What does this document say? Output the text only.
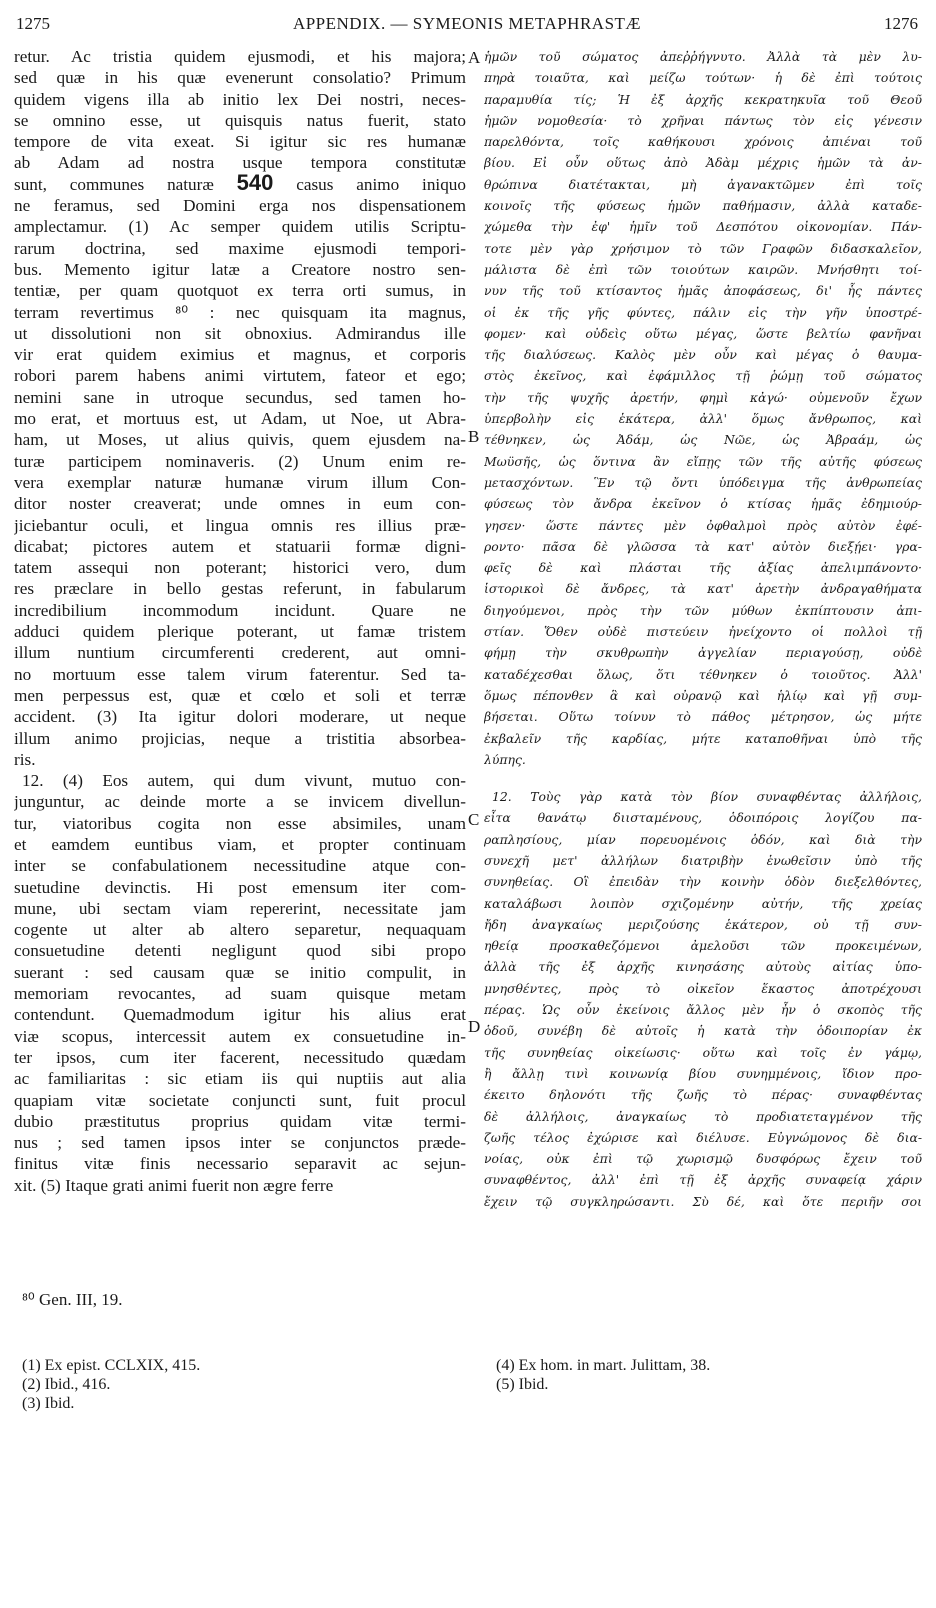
1275	APPENDIX. — SYMEONIS METAPHRASTÆ	1276
retur. Ac tristia quidem ejusmodi, et his majora;
sed quæ in his quæ evenerunt consolatio? Primum
quidem vigens illa ab initio lex Dei nostri, neces-
se omnino esse, ut quisquis natus fuerit, stato
tempore de vita exeat. Si igitur sic res humanæ
ab Adam ad nostra usque tempora constitutæ
sunt, communes naturæ 540 casus animo iniquo
ne feramus, sed Domini erga nos dispensationem
amplectamur. (1) Ac semper quidem utilis Scriptu-
rarum doctrina, sed maxime ejusmodi tempori-
bus. Memento igitur latæ a Creatore nostro sen-
tentiæ, per quam quotquot ex terra orti sumus, in
terram revertimus ⁸⁰ : nec quisquam ita magnus,
ut dissolutioni non sit obnoxius. Admirandus ille
vir erat quidem eximius et magnus, et corporis
robori parem habens animi virtutem, fateor et ego;
nemini sane in utroque secundus, sed tamen ho-
mo erat, et mortuus est, ut Adam, ut Noe, ut Abra-
ham, ut Moses, ut alius quivis, quem ejusdem na-
turæ participem nominaveris. (2) Unum enim re-
vera exemplar naturæ humanæ virum illum Con-
ditor noster creaverat; unde omnes in eum con-
jiciebantur oculi, et lingua omnis res illius præ-
dicabat; pictores autem et statuarii formæ digni-
tatem assequi non poterant; historici vero, dum
res præclare in bello gestas referunt, in fabularum
incredibilium incommodum incidunt. Quare ne
adduci quidem plerique poterant, ut famæ tristem
illum nuntium circumferenti crederent, aut omni-
no mortuum esse talem virum faterentur. Sed ta-
men perpessus est, quæ et cœlo et soli et terræ
accident. (3) Ita igitur dolori moderare, ut neque
illum animo projicias, neque a tristitia absorbea-
ris.
12. (4) Eos autem, qui dum vivunt, mutuo con-
junguntur, ac deinde morte a se invicem divellun-
tur, viatoribus cogita non esse absimiles, unam
et eamdem euntibus viam, et propter continuam
inter se confabulationem necessitudine atque con-
suetudine devinctis. Hi post emensum iter com-
mune, ubi sectam viam repererint, necessitate jam
cogente ut alter ab altero separetur, nequaquam
consuetudine detenti negligunt quod sibi propo
suerant : sed causam quæ se initio compulit, in
memoriam revocantes, ad suam quisque metam
contendunt. Quemadmodum igitur his alius erat
viæ scopus, intercessit autem ex consuetudine in-
ter ipsos, cum iter facerent, necessitudo quædam
ac familiaritas : sic etiam iis qui nuptiis aut alia
quapiam vitæ societate conjuncti sunt, fuit procul
dubio præstitutus proprius quidam vitæ termi-
nus ; sed tamen ipsos inter se conjunctos præde-
finitus vitæ finis necessario separavit ac sejun-
xit. (5) Itaque grati animi fuerit non ægre ferre
ἡμῶν τοῦ σώματος ἀπεῤῥήγνυτο. Ἀλλὰ τὰ μὲν λυ-
πηρὰ τοιαῦτα, καὶ μείζω τούτων· ἡ δὲ ἐπὶ τούτοις
παραμυθία τίς; Ἡ ἐξ ἀρχῆς κεκρατηκυῖα τοῦ Θεοῦ
ἡμῶν νομοθεσία· τὸ χρῆναι πάντως τὸν εἰς γένεσιν
παρελθόντα, τοῖς καθήκουσι χρόνοις ἀπιέναι τοῦ
βίου. Εἰ οὖν οὕτως ἀπὸ Ἀδὰμ μέχρις ἡμῶν τὰ ἀν-
θρώπινα διατέτακται, μὴ ἀγανακτῶμεν ἐπὶ τοῖς
κοινοῖς τῆς φύσεως ἡμῶν παθήμασιν, ἀλλὰ καταδε-
χώμεθα τὴν ἐφ' ἡμῖν τοῦ Δεσπότου οἰκονομίαν. Πάν-
τοτε μὲν γὰρ χρήσιμον τὸ τῶν Γραφῶν διδασκαλεῖον,
μάλιστα δὲ ἐπὶ τῶν τοιούτων καιρῶν. Μνήσθητι τοί-
νυν τῆς τοῦ κτίσαντος ἡμᾶς ἀποφάσεως, δι' ἧς πάντες
οἱ ἐκ τῆς γῆς φύντες, πάλιν εἰς τὴν γῆν ὑποστρέ-
φομεν· καὶ οὐδεὶς οὕτω μέγας, ὥστε βελτίω φανῆναι
τῆς διαλύσεως. Καλὸς μὲν οὖν καὶ μέγας ὁ θαυμα-
στὸς ἐκεῖνος, καὶ ἐφάμιλλος τῇ ῥώμῃ τοῦ σώματος
τὴν τῆς ψυχῆς ἀρετήν, φημὶ κἀγώ· οὐμενοῦν ἔχων
ὑπερβολὴν εἰς ἑκάτερα, ἀλλ' ὅμως ἄνθρωπος, καὶ
τέθνηκεν, ὡς Ἀδάμ, ὡς Νῶε, ὡς Ἀβραάμ, ὡς
Μωϋσῆς, ὡς ὅντινα ἂν εἴπῃς τῶν τῆς αὐτῆς φύσεως
μετασχόντων. Ἓν τῷ ὄντι ὑπόδειγμα τῆς ἀνθρωπείας
φύσεως τὸν ἄνδρα ἐκεῖνον ὁ κτίσας ἡμᾶς ἐδημιούρ-
γησεν· ὥστε πάντες μὲν ὀφθαλμοὶ πρὸς αὐτὸν ἐφέ-
ροντο· πᾶσα δὲ γλῶσσα τὰ κατ' αὐτὸν διεξῄει· γρα-
φεῖς δὲ καὶ πλάσται τῆς ἀξίας ἀπελιμπάνοντο·
ἱστορικοὶ δὲ ἄνδρες, τὰ κατ' ἀρετὴν ἀνδραγαθήματα
διηγούμενοι, πρὸς τὴν τῶν μύθων ἐκπίπτουσιν ἀπι-
στίαν. Ὅθεν οὐδὲ πιστεύειν ἠνείχοντο οἱ πολλοὶ τῇ
φήμῃ τὴν σκυθρωπὴν ἀγγελίαν περιαγούσῃ, οὐδὲ
καταδέχεσθαι ὅλως, ὅτι τέθνηκεν ὁ τοιοῦτος. Ἀλλ'
ὅμως πέπονθεν ἃ καὶ οὐρανῷ καὶ ἡλίῳ καὶ γῇ συμ-
βήσεται. Οὕτω τοίνυν τὸ πάθος μέτρησον, ὡς μήτε
ἐκβαλεῖν τῆς καρδίας, μήτε καταποθῆναι ὑπὸ τῆς
λύπης.
12. Τοὺς γὰρ κατὰ τὸν βίον συναφθέντας ἀλλήλοις,
εἶτα θανάτῳ διισταμένους, ὁδοιπόροις λογίζου πα-
ραπλησίους, μίαν πορευομένοις ὁδόν, καὶ διὰ τὴν
συνεχῆ μετ' ἀλλήλων διατριβὴν ἑνωθεῖσιν ὑπὸ τῆς
συνηθείας. Οἳ ἐπειδὰν τὴν κοινὴν ὁδὸν διεξελθόντες,
καταλάβωσι λοιπὸν σχιζομένην αὐτήν, τῆς χρείας
ἤδη ἀναγκαίως μεριζούσης ἑκάτερον, οὐ τῇ συν-
ηθείᾳ προσκαθεζόμενοι ἀμελοῦσι τῶν προκειμένων,
ἀλλὰ τῆς ἐξ ἀρχῆς κινησάσης αὐτοὺς αἰτίας ὑπο-
μνησθέντες, πρὸς τὸ οἰκεῖον ἕκαστος ἀποτρέχουσι
πέρας. Ὡς οὖν ἐκείνοις ἄλλος μὲν ἦν ὁ σκοπὸς τῆς
ὁδοῦ, συνέβη δὲ αὐτοῖς ἡ κατὰ τὴν ὁδοιπορίαν ἐκ
τῆς συνηθείας οἰκείωσις· οὕτω καὶ τοῖς ἐν γάμῳ,
ἢ ἄλλῃ τινὶ κοινωνίᾳ βίου συνημμένοις, ἴδιον προ-
έκειτο δηλονότι τῆς ζωῆς τὸ πέρας· συναφθέντας
δὲ ἀλλήλοις, ἀναγκαίως τὸ προδιατεταγμένον τῆς
ζωῆς τέλος ἐχώρισε καὶ διέλυσε. Εὐγνώμονος δὲ δια-
νοίας, οὐκ ἐπὶ τῷ χωρισμῷ δυσφόρως ἔχειν τοῦ
συναφθέντος, ἀλλ' ἐπὶ τῇ ἐξ ἀρχῆς συναφείᾳ χάριν
ἔχειν τῷ συγκληρώσαντι. Σὺ δέ, καὶ ὅτε περιῆν σοι
A
B
C
D
⁸⁰ Gen. III, 19.
(1) Ex epist. CCLXIX, 415.
(2) Ibid., 416.
(3) Ibid.
(4) Ex hom. in mart. Julittam, 38.
(5) Ibid.
